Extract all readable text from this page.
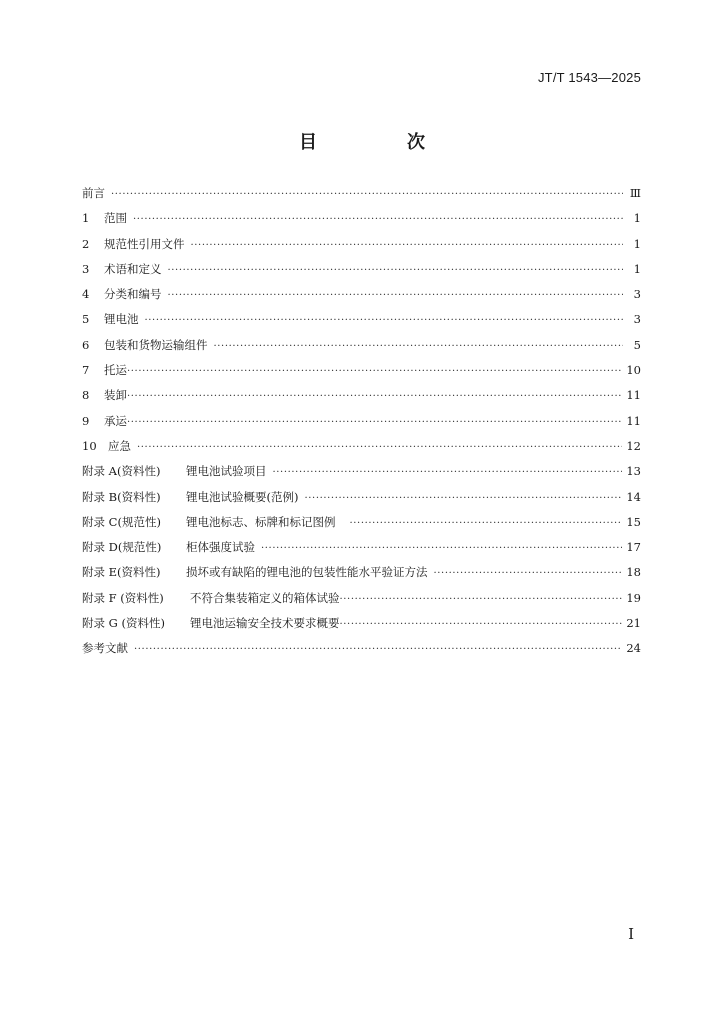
JT/T 1543—2025
目　次
前言 ·····	Ⅲ
1 范围 ·····	1
2 规范性引用文件 ·····	1
3 术语和定义 ·····	1
4 分类和编号 ·····	3
5 锂电池 ·····	3
6 包装和货物运输组件 ·····	5
7 托运 ·····	10
8 装卸 ·····	11
9 承运 ·····	11
10 应急 ·····	12
附录 A(资料性) 锂电池试验项目 ·····	13
附录 B(资料性) 锂电池试验概要(范例) ·····	14
附录 C(规范性) 锂电池标志、标牌和标记图例 ·····	15
附录 D(规范性) 柜体强度试验 ·····	17
附录 E(资料性) 损坏或有缺陷的锂电池的包装性能水平验证方法 ·····	18
附录 F (资料性) 不符合集装箱定义的箱体试验 ·····	19
附录 G (资料性) 锂电池运输安全技术要求概要 ·····	21
参考文献 ·····	24
I
